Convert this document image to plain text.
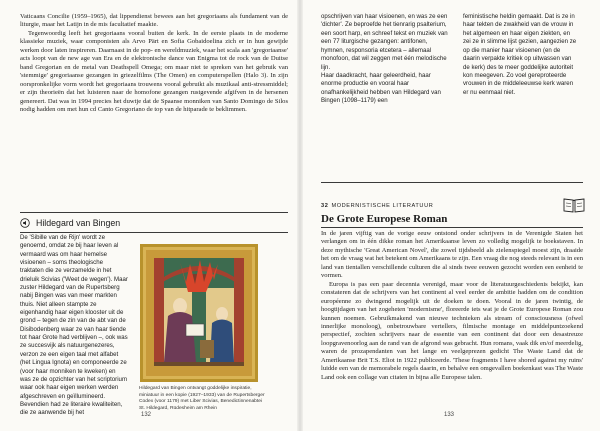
Vaticaans Concilie (1959–1965), dat lippendienst bewees aan het gregoriaans als fundament van de liturgie, maar het Latijn in de mis facultatief maakte.

Tegenwoordig leeft het gregoriaans vooral buiten de kerk. In de eerste plaats in de moderne klassieke muziek, waar componisten als Arvo Pärt en Sofia Gobaidoelina zich er in hun gewijde werken door laten inspireren. Daarnaast in de pop- en wereldmuziek, waar het scala aan 'gregoriaanse' acts loopt van de new age van Era en de elektronische dance van Enigma tot de rock van de Duitse band Gregorian en de metal van Deathspell Omega; om maar niet te spreken van het gebruik van 'stemmige' gregoriaanse gezangen in griezelfilms (The Omen) en computerspellen (Halo 3). In zijn oorspronkelijke vorm wordt het gregoriaans trouwens vooral gebruikt als muzikaal anti-stressmiddel; er zijn theorieën dat het luisteren naar de homofone gezangen rustgevende afgifven in de hersenen genereert. Dat was in 1994 precies het duwtje dat de Spaanse monniken van Santo Domingo de Silos nodig hadden om met hun cd Canto Gregoriano de top van de hitparade te beklimmen.

Hildegard van Bingen

De 'Sibille van de Rijn' wordt ze genoemd, omdat ze bij haar leven al vermaard was om haar hemelse visioenen – soms theologische traktaten die ze verzamelde in het drieluik Scivias ('Weet de wegen'). Maar zuster Hildegard van de Rupertsberg nabij Bingen was van meer markten thuis. Niet alleen stampte ze eigenhandig haar eigen klooster uit de grond – tegen de zin van de abt van de Disibodenberg waar ze van haar tiende tot haar Grote had verblijven –, ook was ze succesvijk als natuurgenezeres, verzon ze een eigen taal met alfabet (het Lingua Ignota) en componeerde ze (voor haar monniken te kweken) en was ze de opzichter van het scriptorium waar ook haar eigen werken werden afgeschreven en geïllumineerd. Bevendien had ze literaire kwaliteiten, die ze aanwende bij het

Hildegard van Bingen ontvangt goddelijke inspiratie, miniatuur in een kopie (1927–1933) van de Rupertsberger Codex (voor 1179) met Liber Scivias, Benedictinnenabtei St. Hildegard, Rüdesheim am Rhein
132
opschrijven van haar visioenen, en was ze een 'dichter'. Ze beproefde het tienrarig psalterium, een soort harp, en schreef tekst en muziek van een 77 liturgische gezangen: antifonen, hymnen, responsoria etcetera – allemaal monofoon, dat wil zeggen met één melodische lijn.
Haar daadkracht, haar geleerdheid, haar enorme productie en vooral haar onafhankelijkheid hebben van Hildegard van Bingen (1098–1179) een
feministische heldin gemaakt. Dat is ze in haar tekten de zwakheid van de vrouw in het algemeen en haar eigen ziekten, en zei ze in slimme lijst gezien, aangezien ze op die manier haar visioenen (en de daarin verpakte kritiek op uitwassen van de kerk) des te meer goddelijke autoriteit kon meegeven. Zo voel gereproteerde vrouwen in de middeleeuwse kerk waren er nu eenmaal niet.
32 MODERNISTISCHE LITERATUUR
De Grote Europese Roman

In de jaren vijftig van de vorige eeuw ontstond onder schrijvers in de Verenigde Staten het verlangen om in één dikke roman het Amerikaanse leven zo volledig mogelijk te boekstaven. In deze mythische 'Great American Novel', die zowel tijdsbeeld als zielenspiegel moest zijn, draaide het om de vraag wat het betekent om Amerikaans te zijn. Een vraag die nog steeds relevant is in een land van tientallen verschillende culturen die al sinds twee eeuwen gezocht worden een eenheid te vormen.

Europa is pas een paar decennia verenigd, maar voor de literatuurgeschiedenis bekijkt, kan constateren dat de schrijvers van het continent al veel eerder de ambitie hadden om de condition européenne zo dwingend mogelijk uit de doeken te doen. Vooral in de jaren twintig, de hoogtijdagen van het zogeheten 'modernisme', floreerde iets wat je de Grote Europese Roman zou kunnen noemen. Gebruikmakend van nieuwe technieken als stream of consciousness (ofwel innerlijke monoloog), onbetrouwbare vertellers, filmische montage en middelpuntzoekend perspectief, zochten schrijvers naar de essentie van een continent dat door een desastreuze loopgravenoorlog aan de rand van de afgrond was gebracht. Hun romans, vaak dik en/of meerdelig, waren de prozapendanten van het lange en veelgeprezen gedicht The Waste Land dat de Amerikaanse Brit T.S. Eliot in 1922 publiceerde. 'These fragments I have shored against my ruins' luidde een van de memorabele regels daarin, en behalve een omgevallen boekenkast was The Waste Land ook een collage van citaten in bijna alle Europese talen.

133
